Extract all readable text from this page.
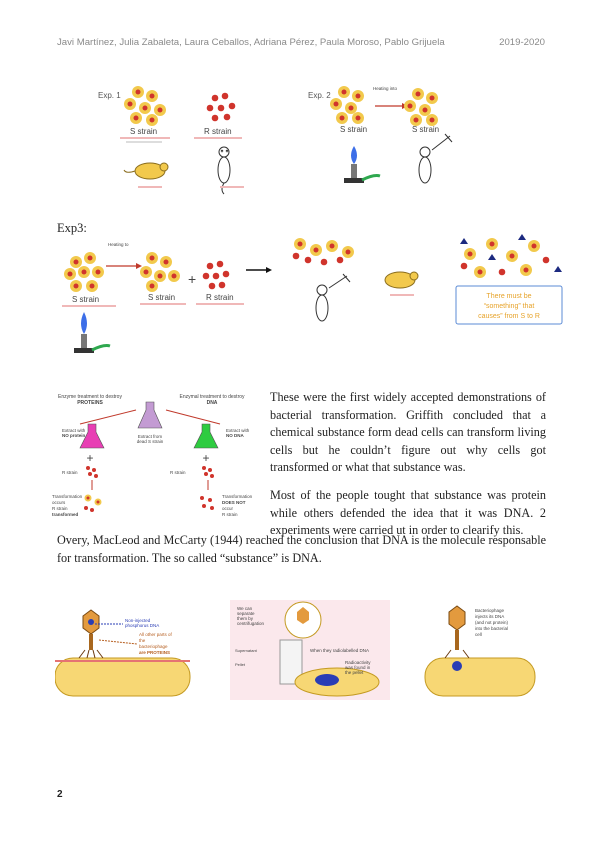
Javi Martínez, Julia Zabaleta, Laura Ceballos, Adriana Pérez, Paula Moroso, Pablo Grijuela	2019-2020
Exp. 1	Exp. 2
S strain	R strain	S strain
Heating into
S strain
Exp3:
S strain
Heating to
S strain
+
R strain	There must be
“something” that
causes” from S to R
Enzyme treatment to destroy
PROTEINS
Enzymal treatment to destroy
DNA
Extract from
dead S strain
Extract with
NO protein
Extract with
NO DNA
+	+
R strain	R strain
Transformation
occurs
R strain
transformed
Transformation
DOES NOT
occur
R strain

These were the first widely accepted demonstrations of bacterial transformation. Griffith concluded that a chemical substance form dead cells can transform living cells but he couldn’t figure out why cells got transformed or what that substance was.

Most of the people tought that substance was protein while others defended the idea that it was DNA. 2 experiments were carried ut in order to clearify this.

Overy, MacLeod and McCarty (1944) reached the conclusion that DNA is the molecule responsable for transformation. The so called “substance” is DNA.

Non-injected
phosphorus DNA
All other parts of
the
bacteriophage
are PROTEINS
We can
separate
them by
centrifugation
Supernatant
Pellet
When they radiolabelled DNA
Radioactivity
was found in
the pellet
Bacteriophage
injects its DNA
(and not protein)
into the bacterial
cell
2
